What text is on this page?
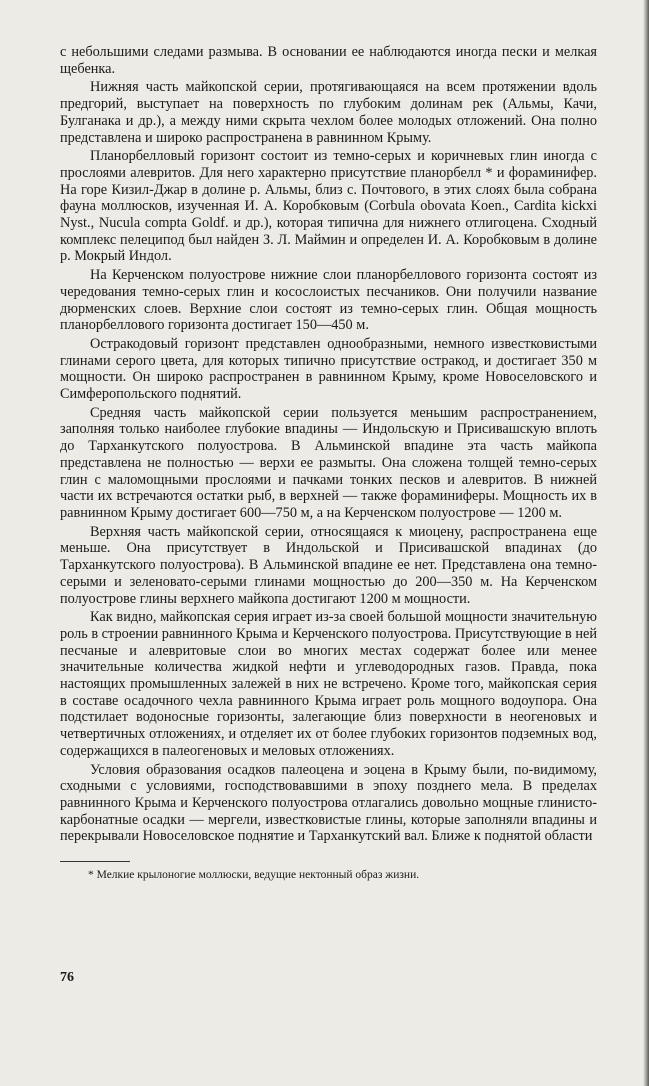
с небольшими следами размыва. В основании ее наблюдаются иногда пески и мелкая щебенка.

Нижняя часть майкопской серии, протягивающаяся на всем протяжении вдоль предгорий, выступает на поверхность по глубоким долинам рек (Альмы, Качи, Булганака и др.), а между ними скрыта чехлом более молодых отложений. Она полно представлена и широко распространена в равнинном Крыму.

Планорбелловый горизонт состоит из темно-серых и коричневых глин иногда с прослоями алевритов. Для него характерно присутствие планорбелл * и фораминифер. На горе Кизил-Джар в долине р. Альмы, близ с. Почтового, в этих слоях была собрана фауна моллюсков, изученная И. А. Коробковым (Corbula obovata Koen., Cardita kickxi Nyst., Nucula compta Goldf. и др.), которая типична для нижнего отлигоцена. Сходный комплекс пелеципод был найден З. Л. Маймин и определен И. А. Коробковым в долине р. Мокрый Индол.

На Керченском полуострове нижние слои планорбеллового горизонта состоят из чередования темно-серых глин и косослоистых песчаников. Они получили название дюрменских слоев. Верхние слои состоят из темно-серых глин. Общая мощность планорбеллового горизонта достигает 150—450 м.

Остракодовый горизонт представлен однообразными, немного известковистыми глинами серого цвета, для которых типично присутствие остракод, и достигает 350 м мощности. Он широко распространен в равнинном Крыму, кроме Новоселовского и Симферопольского поднятий.

Средняя часть майкопской серии пользуется меньшим распространением, заполняя только наиболее глубокие впадины — Индольскую и Присивашскую вплоть до Тарханкутского полуострова. В Альминской впадине эта часть майкопа представлена не полностью — верхи ее размыты. Она сложена толщей темно-серых глин с маломощными прослоями и пачками тонких песков и алевритов. В нижней части их встречаются остатки рыб, в верхней — также фораминиферы. Мощность их в равнинном Крыму достигает 600—750 м, а на Керченском полуострове — 1200 м.

Верхняя часть майкопской серии, относящаяся к миоцену, распространена еще меньше. Она присутствует в Индольской и Присивашской впадинах (до Тарханкутского полуострова). В Альминской впадине ее нет. Представлена она темно-серыми и зеленовато-серыми глинами мощностью до 200—350 м. На Керченском полуострове глины верхнего майкопа достигают 1200 м мощности.

Как видно, майкопская серия играет из-за своей большой мощности значительную роль в строении равнинного Крыма и Керченского полуострова. Присутствующие в ней песчаные и алевритовые слои во многих местах содержат более или менее значительные количества жидкой нефти и углеводородных газов. Правда, пока настоящих промышленных залежей в них не встречено. Кроме того, майкопская серия в составе осадочного чехла равнинного Крыма играет роль мощного водоупора. Она подстилает водоносные горизонты, залегающие близ поверхности в неогеновых и четвертичных отложениях, и отделяет их от более глубоких горизонтов подземных вод, содержащихся в палеогеновых и меловых отложениях.

Условия образования осадков палеоцена и эоцена в Крыму были, по-видимому, сходными с условиями, господствовавшими в эпоху позднего мела. В пределах равнинного Крыма и Керченского полуострова отлагались довольно мощные глинисто-карбонатные осадки — мергели, известковистые глины, которые заполняли впадины и перекрывали Новоселовское поднятие и Тарханкутский вал. Ближе к поднятой области

* Мелкие крылоногие моллюски, ведущие нектонный образ жизни.
76
